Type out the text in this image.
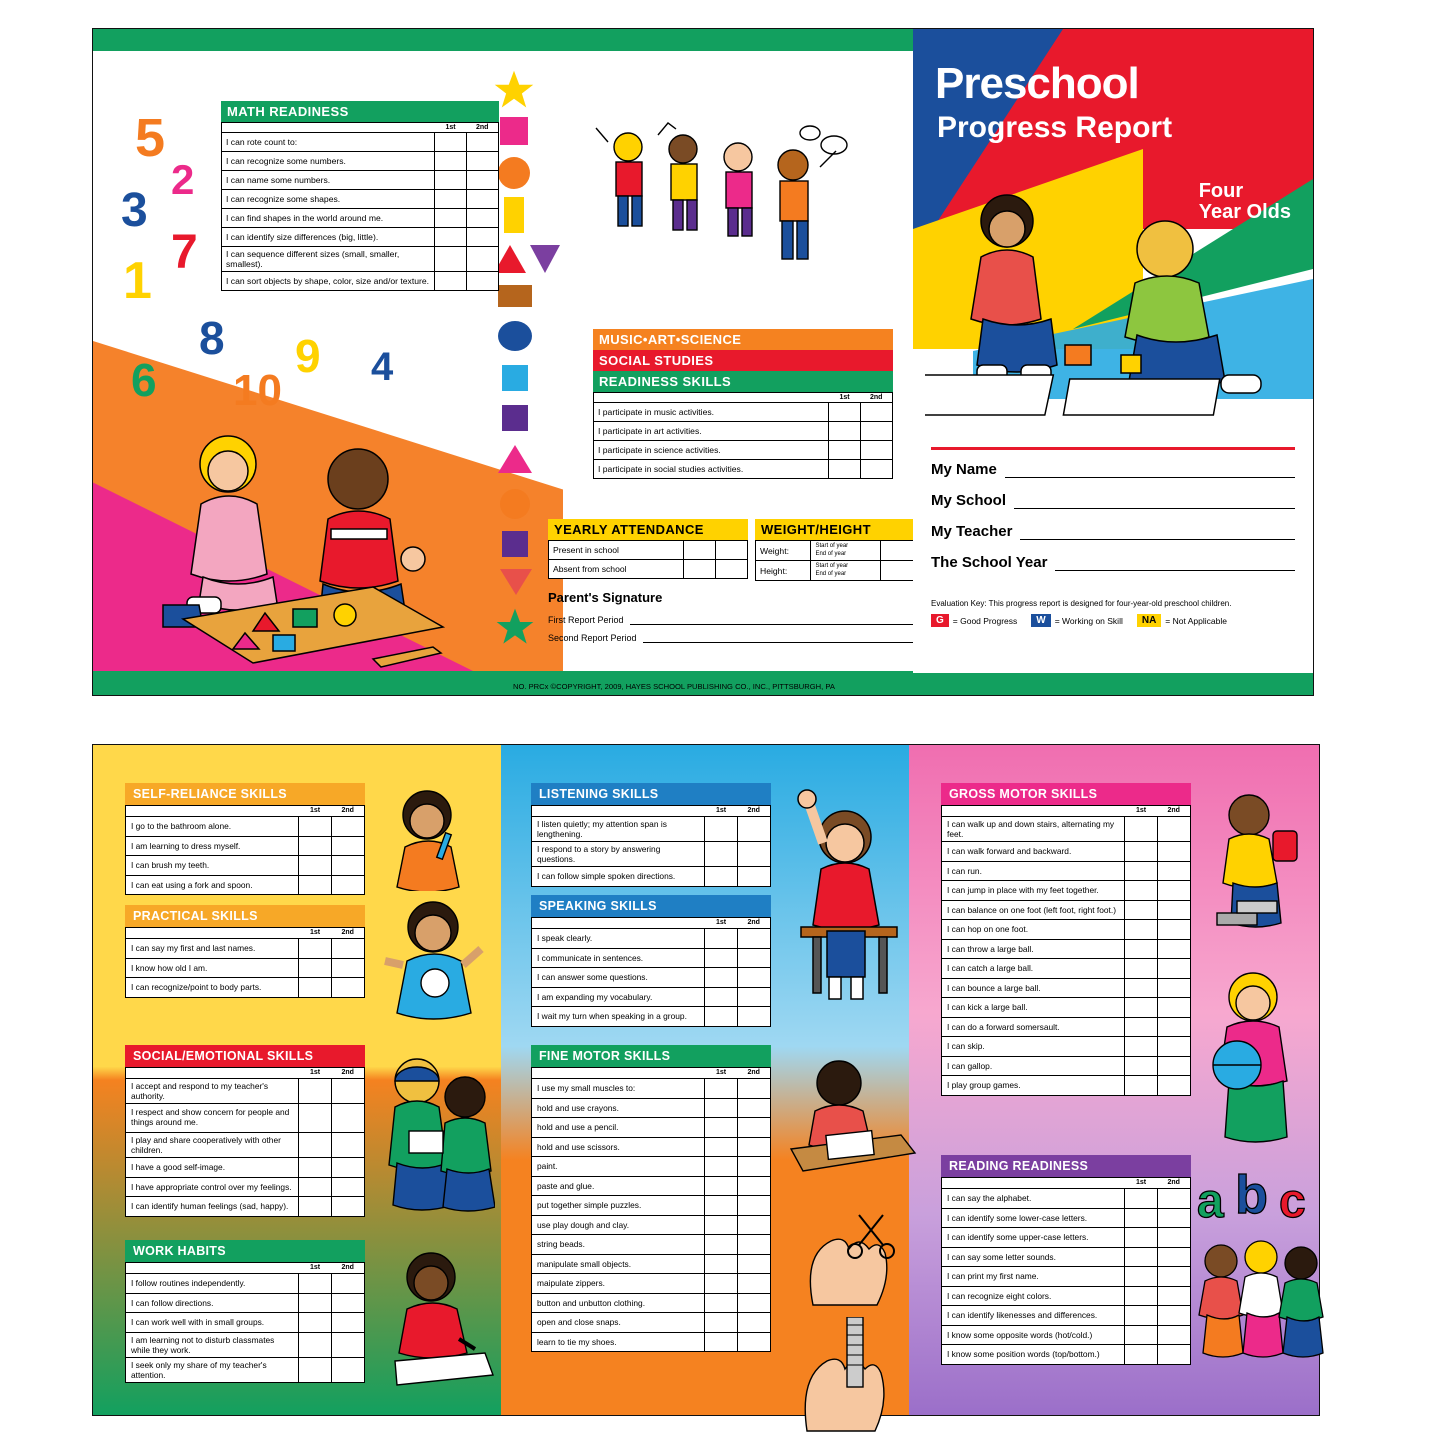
5
2
3
7
1
8 9 4
6 10
MATH READINESS
	1st	2nd
I can rote count to:		
I can recognize some numbers.		
I can name some numbers.		
I can recognize some shapes.		
I can find shapes in the world around me.		
I can identify size differences (big, little).		
I can sequence different sizes (small, smaller, smallest).		
I can sort objects by shape, color, size and/or texture.		
MUSIC•ART•SCIENCE
SOCIAL STUDIES
READINESS SKILLS
	1st	2nd
I participate in music activities.		
I participate in art activities.		
I participate in science activities.		
I participate in social studies activities.		
YEARLY ATTENDANCE
Present in school		
Absent from school		
WEIGHT/HEIGHT
Weight:	Start of year
End of year		
Height:	Start of year
End of year		
Parent's Signature
First Report Period
Second Report Period
NO. PRCx ©COPYRIGHT, 2009, HAYES SCHOOL PUBLISHING CO., INC., PITTSBURGH, PA
Preschool
Progress Report
Four
Year Olds
My Name
My School
My Teacher
The School Year
Evaluation Key: This progress report is designed for four-year-old preschool children.
G	= Good Progress	W	= Working on Skill	NA	= Not Applicable
Published By: Hayes School Publishing Co., Inc. • Pittsburgh, PA
SELF-RELIANCE SKILLS
	1st	2nd
I go to the bathroom alone.		
I am learning to dress myself.		
I can brush my teeth.		
I can eat using a fork and spoon.		
PRACTICAL SKILLS
	1st	2nd
I can say my first and last names.		
I know how old I am.		
I can recognize/point to body parts.		
SOCIAL/EMOTIONAL SKILLS
	1st	2nd
I accept and respond to my teacher's authority.		
I respect and show concern for people and things around me.		
I play and share cooperatively with other children.		
I have a good self-image.		
I have appropriate control over my feelings.		
I can identify human feelings (sad, happy).		
WORK HABITS
	1st	2nd
I follow routines independently.		
I can follow directions.		
I can work well with in small groups.		
I am learning not to disturb classmates while they work.		
I seek only my share of my teacher's attention.		
LISTENING SKILLS
	1st	2nd
I listen quietly; my attention span is lengthening.		
I respond to a story by answering questions.		
I can follow simple spoken directions.		
SPEAKING SKILLS
	1st	2nd
I speak clearly.		
I communicate in sentences.		
I can answer some questions.		
I am expanding my vocabulary.		
I wait my turn when speaking in a group.		
FINE MOTOR SKILLS
	1st	2nd
I use my small muscles to:		
hold and use crayons.		
hold and use a pencil.		
hold and use scissors.		
paint.		
paste and glue.		
put together simple puzzles.		
use play dough and clay.		
string beads.		
manipulate small objects.		
maipulate zippers.		
button and unbutton clothing.		
open and close snaps.		
learn to tie my shoes.		
GROSS MOTOR SKILLS
	1st	2nd
I can walk up and down stairs, alternating my feet.		
I can walk forward and backward.		
I can run.		
I can jump in place with my feet together.		
I can balance on one foot (left foot, right foot.)		
I can hop on one foot.		
I can throw a large ball.		
I can catch a large ball.		
I can bounce a large ball.		
I can kick a large ball.		
I can do a forward somersault.		
I can skip.		
I can gallop.		
I play group games.		
READING READINESS
	1st	2nd
I can say the alphabet.		
I can identify some lower-case letters.		
I can identify some upper-case letters.		
I can say some letter sounds.		
I can print my first name.		
I can recognize eight colors.		
I can identify likenesses and differences.		
I know some opposite words (hot/cold.)		
I know some position words (top/bottom.)		
a b c
